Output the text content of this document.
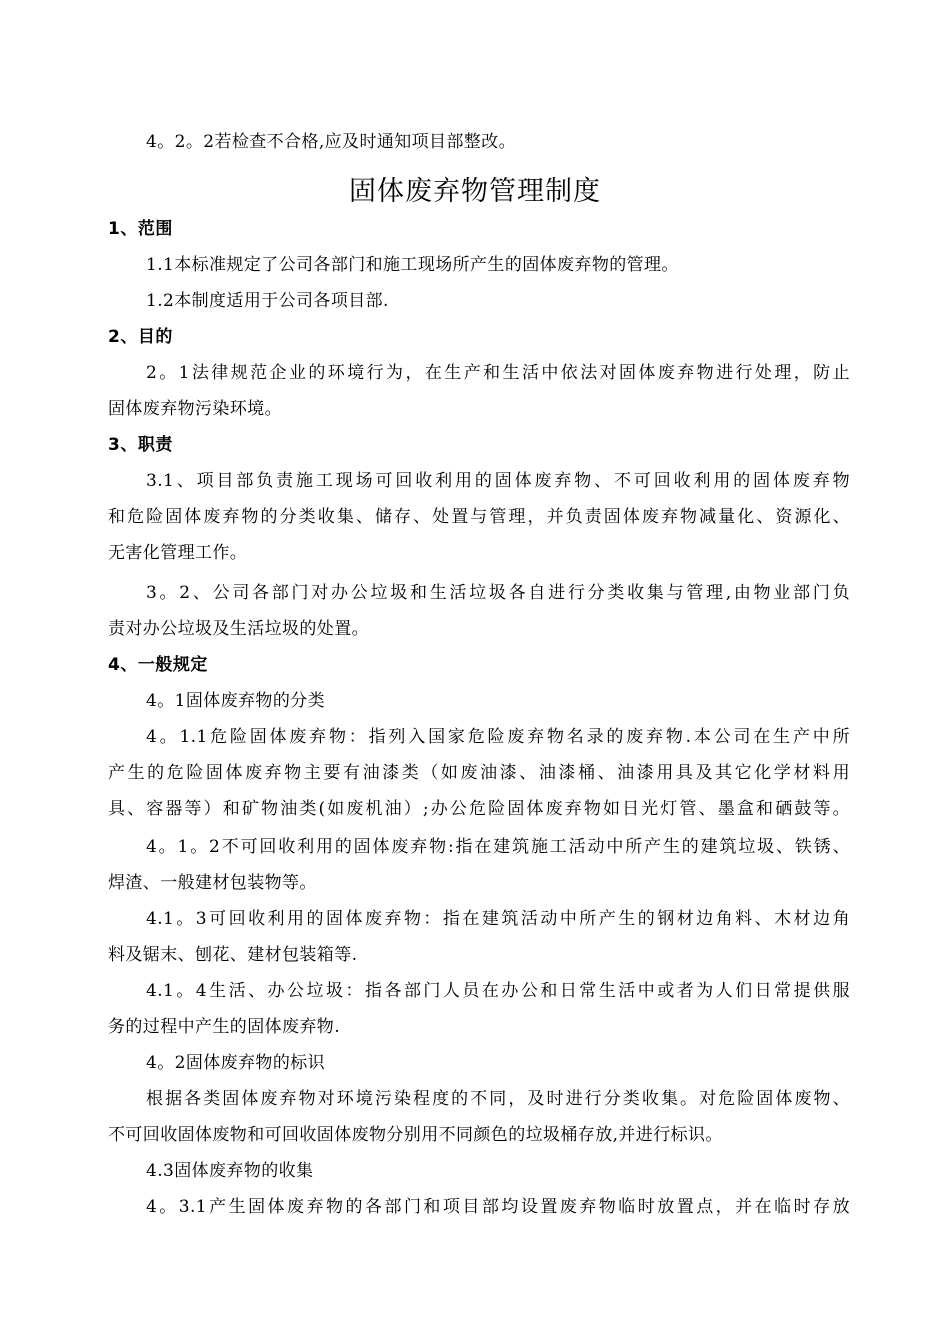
4。2。2若检查不合格,应及时通知项目部整改。
固体废弃物管理制度
1、范围
1.1本标准规定了公司各部门和施工现场所产生的固体废弃物的管理。
1.2本制度适用于公司各项目部.
2、目的
2。1法律规范企业的环境行为，在生产和生活中依法对固体废弃物进行处理，防止
固体废弃物污染环境。
3、职责
3.1、项目部负责施工现场可回收利用的固体废弃物、不可回收利用的固体废弃物
和危险固体废弃物的分类收集、储存、处置与管理，并负责固体废弃物减量化、资源化、
无害化管理工作。
3。2、公司各部门对办公垃圾和生活垃圾各自进行分类收集与管理,由物业部门负
责对办公垃圾及生活垃圾的处置。
4、一般规定
4。1固体废弃物的分类
4。1.1危险固体废弃物：指列入国家危险废弃物名录的废弃物.本公司在生产中所
产生的危险固体废弃物主要有油漆类（如废油漆、油漆桶、油漆用具及其它化学材料用
具、容器等）和矿物油类(如废机油）;办公危险固体废弃物如日光灯管、墨盒和硒鼓等。
4。1。2不可回收利用的固体废弃物:指在建筑施工活动中所产生的建筑垃圾、铁锈、
焊渣、一般建材包装物等。
4.1。3可回收利用的固体废弃物：指在建筑活动中所产生的钢材边角料、木材边角
料及锯末、刨花、建材包装箱等.
4.1。4生活、办公垃圾：指各部门人员在办公和日常生活中或者为人们日常提供服
务的过程中产生的固体废弃物.
4。2固体废弃物的标识
根据各类固体废弃物对环境污染程度的不同，及时进行分类收集。对危险固体废物、
不可回收固体废物和可回收固体废物分别用不同颜色的垃圾桶存放,并进行标识。
4.3固体废弃物的收集
4。3.1产生固体废弃物的各部门和项目部均设置废弃物临时放置点，并在临时存放
